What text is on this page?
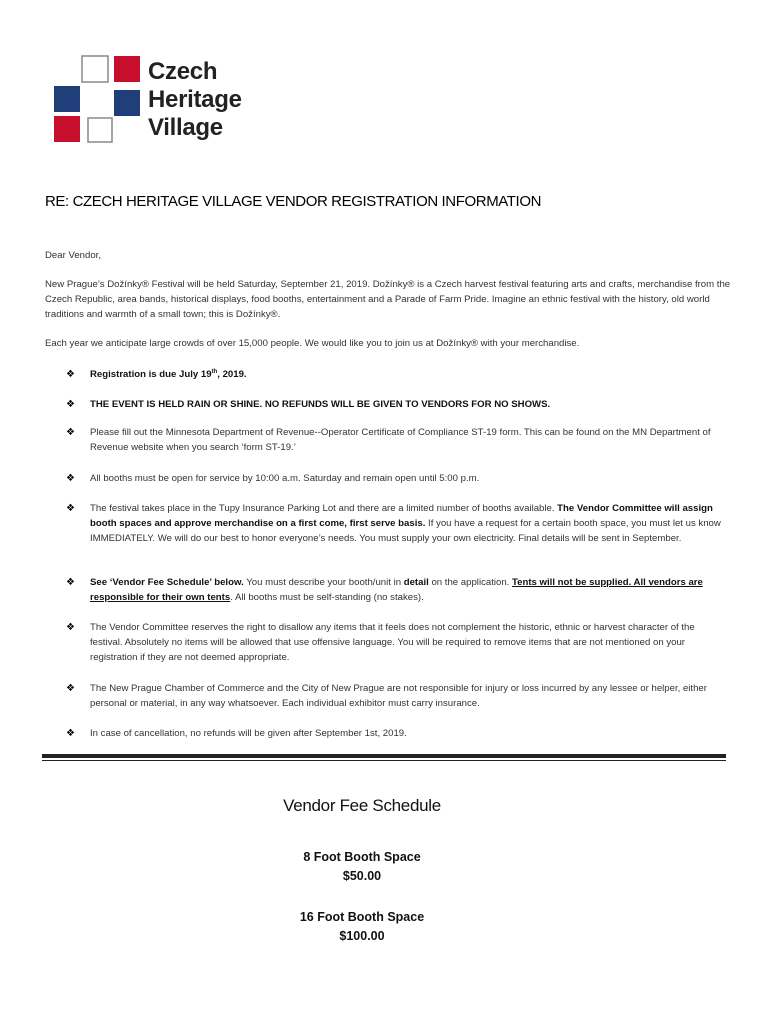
Czech
Heritage
Village
RE: CZECH HERITAGE VILLAGE VENDOR REGISTRATION INFORMATION

Dear Vendor,

New Prague’s Dožínky® Festival will be held Saturday, September 21, 2019. Dožínky® is a Czech harvest festival featuring arts and crafts, merchandise from the Czech Republic, area bands, historical displays, food booths, entertainment and a Parade of Farm Pride. Imagine an ethnic festival with the history, old world traditions and warmth of a small town; this is Dožínky®.

Each year we anticipate large crowds of over 15,000 people. We would like you to join us at Dožínky® with your merchandise.

❖ Registration is due July 19th, 2019.
❖ THE EVENT IS HELD RAIN OR SHINE. NO REFUNDS WILL BE GIVEN TO VENDORS FOR NO SHOWS.
❖ Please fill out the Minnesota Department of Revenue--Operator Certificate of Compliance ST-19 form. This can be found on the MN Department of Revenue website when you search ‘form ST-19.’
❖ All booths must be open for service by 10:00 a.m. Saturday and remain open until 5:00 p.m.
❖ The festival takes place in the Tupy Insurance Parking Lot and there are a limited number of booths available. The Vendor Committee will assign booth spaces and approve merchandise on a first come, first serve basis. If you have a request for a certain booth space, you must let us know IMMEDIATELY. We will do our best to honor everyone’s needs. You must supply your own electricity. Final details will be sent in September.
❖ See ‘Vendor Fee Schedule’ below. You must describe your booth/unit in detail on the application. Tents will not be supplied. All vendors are responsible for their own tents. All booths must be self-standing (no stakes).
❖ The Vendor Committee reserves the right to disallow any items that it feels does not complement the historic, ethnic or harvest character of the festival. Absolutely no items will be allowed that use offensive language. You will be required to remove items that are not mentioned on your registration if they are not deemed appropriate.
❖ The New Prague Chamber of Commerce and the City of New Prague are not responsible for injury or loss incurred by any lessee or helper, either personal or material, in any way whatsoever. Each individual exhibitor must carry insurance.
❖ In case of cancellation, no refunds will be given after September 1st, 2019.
Vendor Fee Schedule
8 Foot Booth Space
$50.00
16 Foot Booth Space
$100.00
